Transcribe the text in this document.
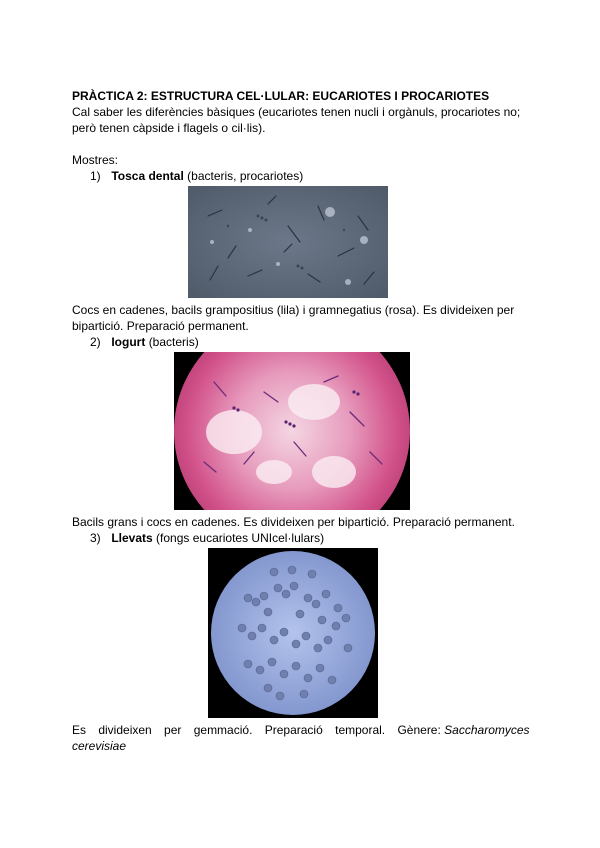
PRÀCTICA 2: ESTRUCTURA CEL·LULAR: EUCARIOTES I PROCARIOTES
Cal saber les diferències bàsiques (eucariotes tenen nucli i orgànuls, procariotes no;
però tenen càpside i flagels o cil·lis).
Mostres:
1) Tosca dental (bacteris, procariotes)
Cocs en cadenes, bacils grampositius (lila) i gramnegatius (rosa). Es divideixen per
bipartició. Preparació permanent.
2) Iogurt (bacteris)
Bacils grans i cocs en cadenes. Es divideixen per bipartició. Preparació permanent.
3) Llevats (fongs eucariotes UNIcel·lulars)
Es divideixen per gemmació. Preparació temporal. Gènere: Saccharomyces
cerevisiae
